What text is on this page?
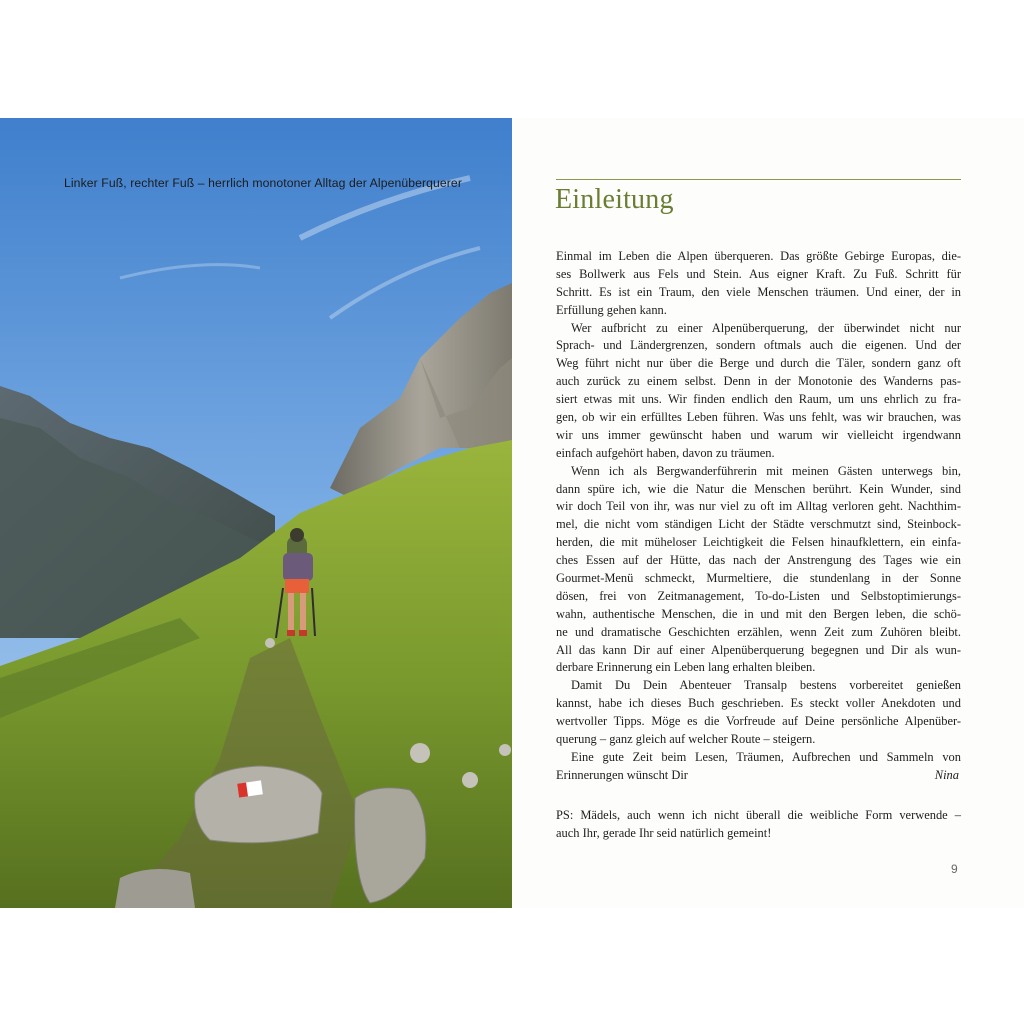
Linker Fuß, rechter Fuß – herrlich monotoner Alltag der Alpenüberquerer
Einleitung
Einmal im Leben die Alpen überqueren. Das größte Gebirge Europas, die-
ses Bollwerk aus Fels und Stein. Aus eigner Kraft. Zu Fuß. Schritt für
Schritt. Es ist ein Traum, den viele Menschen träumen. Und einer, der in
Erfüllung gehen kann.
Wer aufbricht zu einer Alpenüberquerung, der überwindet nicht nur
Sprach- und Ländergrenzen, sondern oftmals auch die eigenen. Und der
Weg führt nicht nur über die Berge und durch die Täler, sondern ganz oft
auch zurück zu einem selbst. Denn in der Monotonie des Wanderns pas-
siert etwas mit uns. Wir finden endlich den Raum, um uns ehrlich zu fra-
gen, ob wir ein erfülltes Leben führen. Was uns fehlt, was wir brauchen, was
wir uns immer gewünscht haben und warum wir vielleicht irgendwann
einfach aufgehört haben, davon zu träumen.
Wenn ich als Bergwanderführerin mit meinen Gästen unterwegs bin,
dann spüre ich, wie die Natur die Menschen berührt. Kein Wunder, sind
wir doch Teil von ihr, was nur viel zu oft im Alltag verloren geht. Nachthim-
mel, die nicht vom ständigen Licht der Städte verschmutzt sind, Steinbock-
herden, die mit müheloser Leichtigkeit die Felsen hinaufklettern, ein einfa-
ches Essen auf der Hütte, das nach der Anstrengung des Tages wie ein
Gourmet-Menü schmeckt, Murmeltiere, die stundenlang in der Sonne
dösen, frei von Zeitmanagement, To-do-Listen und Selbstoptimierungs-
wahn, authentische Menschen, die in und mit den Bergen leben, die schö-
ne und dramatische Geschichten erzählen, wenn Zeit zum Zuhören bleibt.
All das kann Dir auf einer Alpenüberquerung begegnen und Dir als wun-
derbare Erinnerung ein Leben lang erhalten bleiben.
Damit Du Dein Abenteuer Transalp bestens vorbereitet genießen
kannst, habe ich dieses Buch geschrieben. Es steckt voller Anekdoten und
wertvoller Tipps. Möge es die Vorfreude auf Deine persönliche Alpenüber-
querung – ganz gleich auf welcher Route – steigern.
Eine gute Zeit beim Lesen, Träumen, Aufbrechen und Sammeln von
Erinnerungen wünscht Dir	Nina
PS: Mädels, auch wenn ich nicht überall die weibliche Form verwende –
auch Ihr, gerade Ihr seid natürlich gemeint!
9
